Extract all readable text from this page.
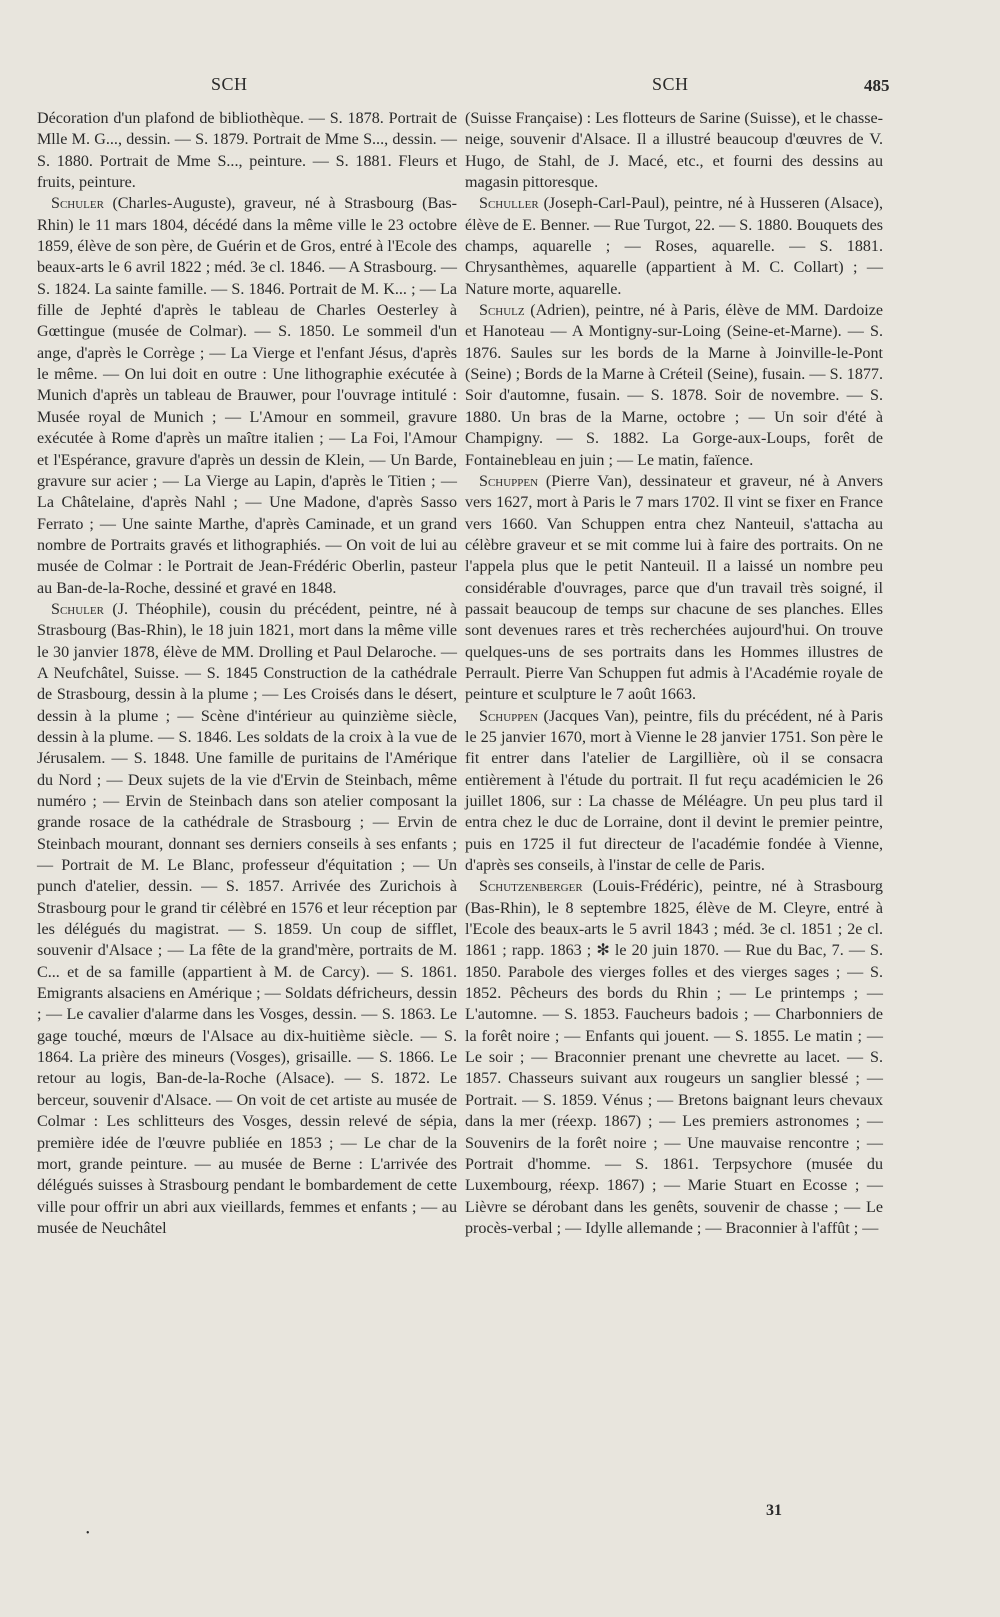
SCH	SCH	485

Décoration d'un plafond de bibliothèque. — S. 1878. Portrait de Mlle M. G..., dessin. — S. 1879. Portrait de Mme S..., dessin. — S. 1880. Portrait de Mme S..., peinture. — S. 1881. Fleurs et fruits, peinture.

Schuler (Charles-Auguste), graveur, né à Strasbourg (Bas-Rhin) le 11 mars 1804, décédé dans la même ville le 23 octobre 1859, élève de son père, de Guérin et de Gros, entré à l'Ecole des beaux-arts le 6 avril 1822 ; méd. 3e cl. 1846. — A Strasbourg. — S. 1824. La sainte famille. — S. 1846. Portrait de M. K... ; — La fille de Jephté d'après le tableau de Charles Oesterley à Gœttingue (musée de Colmar). — S. 1850. Le sommeil d'un ange, d'après le Corrège ; — La Vierge et l'enfant Jésus, d'après le même. — On lui doit en outre : Une lithographie exécutée à Munich d'après un tableau de Brauwer, pour l'ouvrage intitulé : Musée royal de Munich ; — L'Amour en sommeil, gravure exécutée à Rome d'après un maître italien ; — La Foi, l'Amour et l'Espérance, gravure d'après un dessin de Klein, — Un Barde, gravure sur acier ; — La Vierge au Lapin, d'après le Titien ; — La Châtelaine, d'après Nahl ; — Une Madone, d'après Sasso Ferrato ; — Une sainte Marthe, d'après Caminade, et un grand nombre de Portraits gravés et lithographiés. — On voit de lui au musée de Colmar : le Portrait de Jean-Frédéric Oberlin, pasteur au Ban-de-la-Roche, dessiné et gravé en 1848.

Schuler (J. Théophile), cousin du précédent, peintre, né à Strasbourg (Bas-Rhin), le 18 juin 1821, mort dans la même ville le 30 janvier 1878, élève de MM. Drolling et Paul Delaroche. — A Neufchâtel, Suisse. — S. 1845 Construction de la cathédrale de Strasbourg, dessin à la plume ; — Les Croisés dans le désert, dessin à la plume ; — Scène d'intérieur au quinzième siècle, dessin à la plume. — S. 1846. Les soldats de la croix à la vue de Jérusalem. — S. 1848. Une famille de puritains de l'Amérique du Nord ; — Deux sujets de la vie d'Ervin de Steinbach, même numéro ; — Ervin de Steinbach dans son atelier composant la grande rosace de la cathédrale de Strasbourg ; — Ervin de Steinbach mourant, donnant ses derniers conseils à ses enfants ; — Portrait de M. Le Blanc, professeur d'équitation ; — Un punch d'atelier, dessin. — S. 1857. Arrivée des Zurichois à Strasbourg pour le grand tir célèbré en 1576 et leur réception par les délégués du magistrat. — S. 1859. Un coup de sifflet, souvenir d'Alsace ; — La fête de la grand'mère, portraits de M. C... et de sa famille (appartient à M. de Carcy). — S. 1861. Emigrants alsaciens en Amérique ; — Soldats défricheurs, dessin ; — Le cavalier d'alarme dans les Vosges, dessin. — S. 1863. Le gage touché, mœurs de l'Alsace au dix-huitième siècle. — S. 1864. La prière des mineurs (Vosges), grisaille. — S. 1866. Le retour au logis, Ban-de-la-Roche (Alsace). — S. 1872. Le berceur, souvenir d'Alsace. — On voit de cet artiste au musée de Colmar : Les schlitteurs des Vosges, dessin relevé de sépia, première idée de l'œuvre publiée en 1853 ; — Le char de la mort, grande peinture. — au musée de Berne : L'arrivée des délégués suisses à Strasbourg pendant le bombardement de cette ville pour offrir un abri aux vieillards, femmes et enfants ; — au musée de Neuchâtel

(Suisse Française) : Les flotteurs de Sarine (Suisse), et le chasse-neige, souvenir d'Alsace. Il a illustré beaucoup d'œuvres de V. Hugo, de Stahl, de J. Macé, etc., et fourni des dessins au magasin pittoresque.

Schuller (Joseph-Carl-Paul), peintre, né à Husseren (Alsace), élève de E. Benner. — Rue Turgot, 22. — S. 1880. Bouquets des champs, aquarelle ; — Roses, aquarelle. — S. 1881. Chrysanthèmes, aquarelle (appartient à M. C. Collart) ; — Nature morte, aquarelle.

Schulz (Adrien), peintre, né à Paris, élève de MM. Dardoize et Hanoteau — A Montigny-sur-Loing (Seine-et-Marne). — S. 1876. Saules sur les bords de la Marne à Joinville-le-Pont (Seine) ; Bords de la Marne à Créteil (Seine), fusain. — S. 1877. Soir d'automne, fusain. — S. 1878. Soir de novembre. — S. 1880. Un bras de la Marne, octobre ; — Un soir d'été à Champigny. — S. 1882. La Gorge-aux-Loups, forêt de Fontainebleau en juin ; — Le matin, faïence.

Schuppen (Pierre Van), dessinateur et graveur, né à Anvers vers 1627, mort à Paris le 7 mars 1702. Il vint se fixer en France vers 1660. Van Schuppen entra chez Nanteuil, s'attacha au célèbre graveur et se mit comme lui à faire des portraits. On ne l'appela plus que le petit Nanteuil. Il a laissé un nombre peu considérable d'ouvrages, parce que d'un travail très soigné, il passait beaucoup de temps sur chacune de ses planches. Elles sont devenues rares et très recherchées aujourd'hui. On trouve quelques-uns de ses portraits dans les Hommes illustres de Perrault. Pierre Van Schuppen fut admis à l'Académie royale de peinture et sculpture le 7 août 1663.

Schuppen (Jacques Van), peintre, fils du précédent, né à Paris le 25 janvier 1670, mort à Vienne le 28 janvier 1751. Son père le fit entrer dans l'atelier de Largillière, où il se consacra entièrement à l'étude du portrait. Il fut reçu académicien le 26 juillet 1806, sur : La chasse de Méléagre. Un peu plus tard il entra chez le duc de Lorraine, dont il devint le premier peintre, puis en 1725 il fut directeur de l'académie fondée à Vienne, d'après ses conseils, à l'instar de celle de Paris.

Schutzenberger (Louis-Frédéric), peintre, né à Strasbourg (Bas-Rhin), le 8 septembre 1825, élève de M. Cleyre, entré à l'Ecole des beaux-arts le 5 avril 1843 ; méd. 3e cl. 1851 ; 2e cl. 1861 ; rapp. 1863 ; ✻ le 20 juin 1870. — Rue du Bac, 7. — S. 1850. Parabole des vierges folles et des vierges sages ; — S. 1852. Pêcheurs des bords du Rhin ; — Le printemps ; — L'automne. — S. 1853. Faucheurs badois ; — Charbonniers de la forêt noire ; — Enfants qui jouent. — S. 1855. Le matin ; — Le soir ; — Braconnier prenant une chevrette au lacet. — S. 1857. Chasseurs suivant aux rougeurs un sanglier blessé ; — Portrait. — S. 1859. Vénus ; — Bretons baignant leurs chevaux dans la mer (réexp. 1867) ; — Les premiers astronomes ; — Souvenirs de la forêt noire ; — Une mauvaise rencontre ; — Portrait d'homme. — S. 1861. Terpsychore (musée du Luxembourg, réexp. 1867) ; — Marie Stuart en Ecosse ; — Lièvre se dérobant dans les genêts, souvenir de chasse ; — Le procès-verbal ; — Idylle allemande ; — Braconnier à l'affût ; —

•
31
